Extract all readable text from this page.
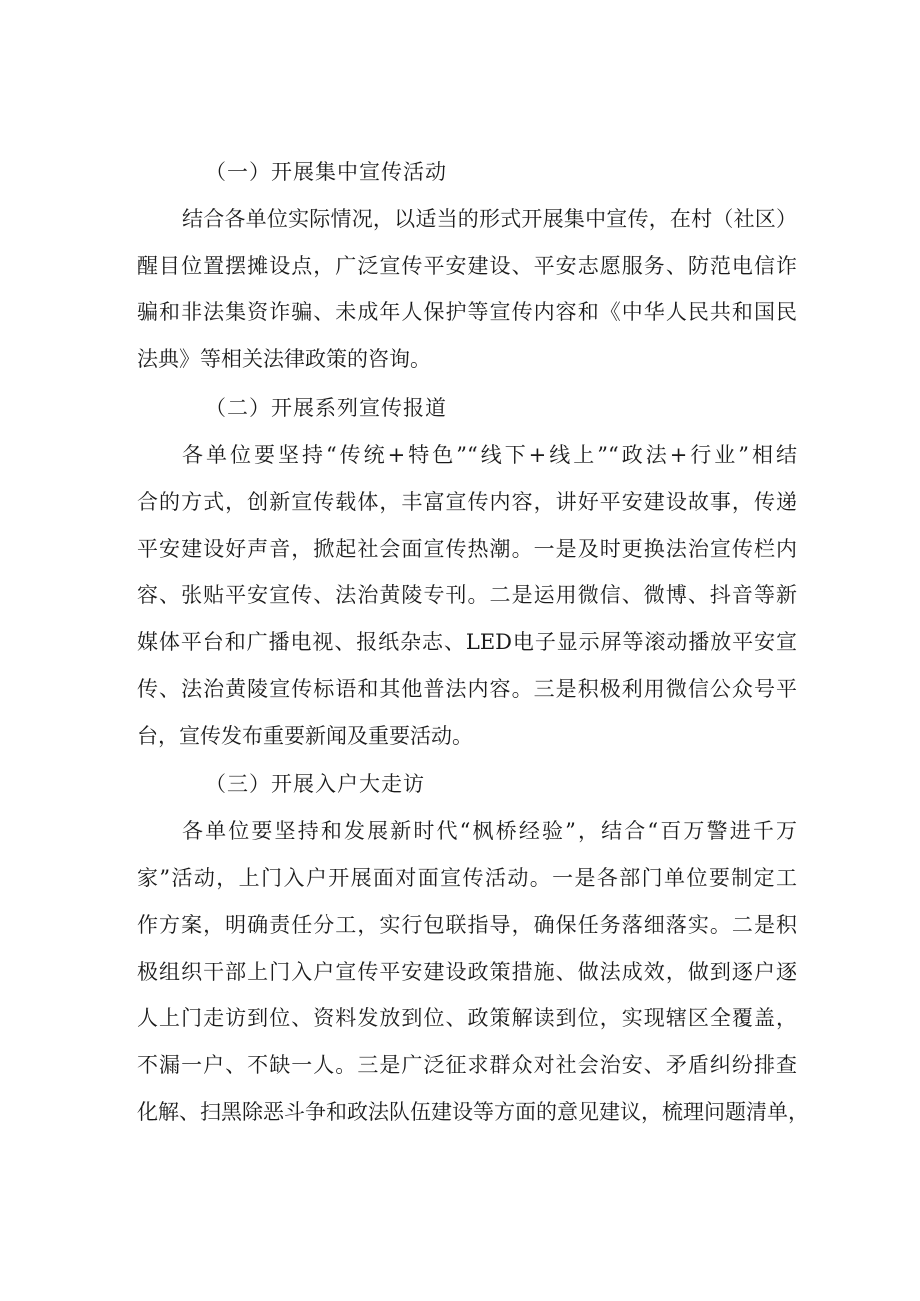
（一）开展集中宣传活动
结合各单位实际情况，以适当的形式开展集中宣传，在村（社区）
醒目位置摆摊设点，广泛宣传平安建设、平安志愿服务、防范电信诈
骗和非法集资诈骗、未成年人保护等宣传内容和《中华人民共和国民
法典》等相关法律政策的咨询。
（二）开展系列宣传报道
各单位要坚持“传统+特色”“线下+线上”“政法+行业”相结
合的方式，创新宣传载体，丰富宣传内容，讲好平安建设故事，传递
平安建设好声音，掀起社会面宣传热潮。一是及时更换法治宣传栏内
容、张贴平安宣传、法治黄陵专刊。二是运用微信、微博、抖音等新
媒体平台和广播电视、报纸杂志、LED电子显示屏等滚动播放平安宣
传、法治黄陵宣传标语和其他普法内容。三是积极利用微信公众号平
台，宣传发布重要新闻及重要活动。
（三）开展入户大走访
各单位要坚持和发展新时代“枫桥经验”，结合“百万警进千万
家”活动，上门入户开展面对面宣传活动。一是各部门单位要制定工
作方案，明确责任分工，实行包联指导，确保任务落细落实。二是积
极组织干部上门入户宣传平安建设政策措施、做法成效，做到逐户逐
人上门走访到位、资料发放到位、政策解读到位，实现辖区全覆盖，
不漏一户、不缺一人。三是广泛征求群众对社会治安、矛盾纠纷排查
化解、扫黑除恶斗争和政法队伍建设等方面的意见建议，梳理问题清单，
